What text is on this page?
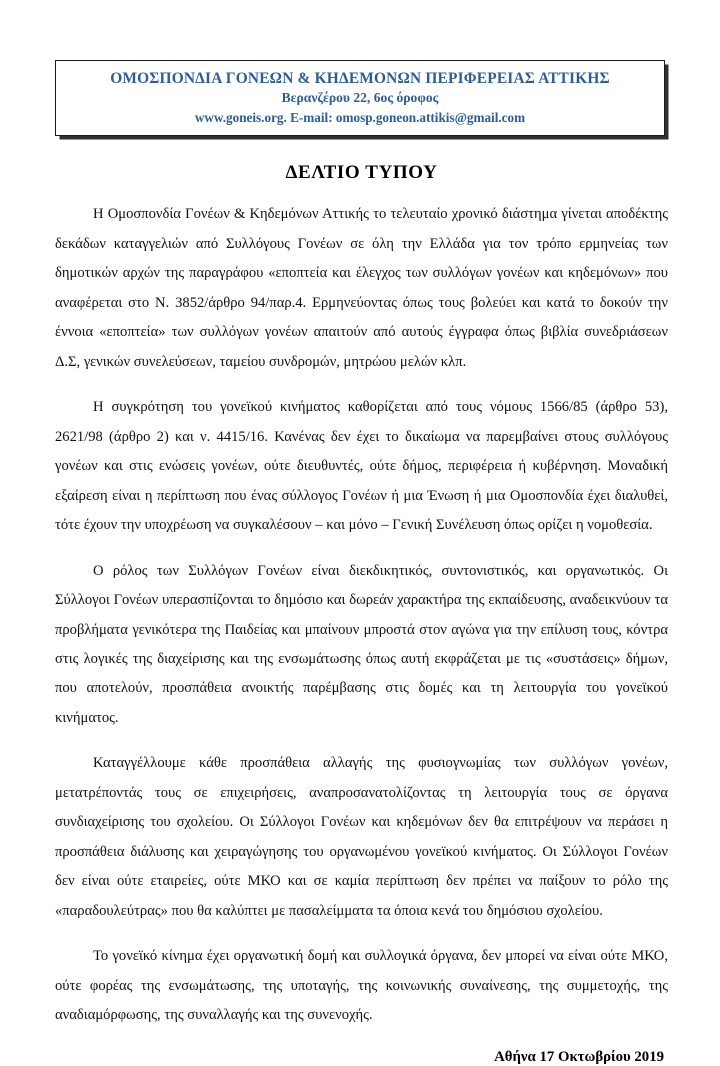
ΟΜΟΣΠΟΝΔΙΑ ΓΟΝΕΩΝ & ΚΗΔΕΜΟΝΩΝ ΠΕΡΙΦΕΡΕΙΑΣ ΑΤΤΙΚΗΣ
Βερανζέρου 22, 6ος όροφος
www.goneis.org. E-mail: omosp.goneon.attikis@gmail.com
ΔΕΛΤΙΟ ΤΥΠΟΥ

Η Ομοσπονδία Γονέων & Κηδεμόνων Αττικής το τελευταίο χρονικό διάστημα γίνεται αποδέκτης δεκάδων καταγγελιών από Συλλόγους Γονέων σε όλη την Ελλάδα για τον τρόπο ερμηνείας των δημοτικών αρχών της παραγράφου «εποπτεία και έλεγχος των συλλόγων γονέων και κηδεμόνων» που αναφέρεται στο Ν. 3852/άρθρο 94/παρ.4. Ερμηνεύοντας όπως τους βολεύει και κατά το δοκούν την έννοια «εποπτεία» των συλλόγων γονέων απαιτούν από αυτούς έγγραφα όπως βιβλία συνεδριάσεων Δ.Σ, γενικών συνελεύσεων, ταμείου συνδρομών, μητρώου μελών κλπ.

Η συγκρότηση του γονεϊκού κινήματος καθορίζεται από τους νόμους 1566/85 (άρθρο 53), 2621/98 (άρθρο 2) και ν. 4415/16. Κανένας δεν έχει το δικαίωμα να παρεμβαίνει στους συλλόγους γονέων και στις ενώσεις γονέων, ούτε διευθυντές, ούτε δήμος, περιφέρεια ή κυβέρνηση. Μοναδική εξαίρεση είναι η περίπτωση που ένας σύλλογος Γονέων ή μια Ένωση ή μια Ομοσπονδία έχει διαλυθεί, τότε έχουν την υποχρέωση να συγκαλέσουν – και μόνο – Γενική Συνέλευση όπως ορίζει η νομοθεσία.

Ο ρόλος των Συλλόγων Γονέων είναι διεκδικητικός, συντονιστικός, και οργανωτικός. Οι Σύλλογοι Γονέων υπερασπίζονται το δημόσιο και δωρεάν χαρακτήρα της εκπαίδευσης, αναδεικνύουν τα προβλήματα γενικότερα της Παιδείας και μπαίνουν μπροστά στον αγώνα για την επίλυση τους, κόντρα στις λογικές της διαχείρισης και της ενσωμάτωσης όπως αυτή εκφράζεται με τις «συστάσεις» δήμων, που αποτελούν, προσπάθεια ανοικτής παρέμβασης στις δομές και τη λειτουργία του γονεϊκού κινήματος.

Καταγγέλλουμε κάθε προσπάθεια αλλαγής της φυσιογνωμίας των συλλόγων γονέων, μετατρέποντάς τους σε επιχειρήσεις, αναπροσανατολίζοντας τη λειτουργία τους σε όργανα συνδιαχείρισης του σχολείου. Οι Σύλλογοι Γονέων και κηδεμόνων δεν θα επιτρέψουν να περάσει η προσπάθεια διάλυσης και χειραγώγησης του οργανωμένου γονεϊκού κινήματος. Οι Σύλλογοι Γονέων δεν είναι ούτε εταιρείες, ούτε ΜΚΟ και σε καμία περίπτωση δεν πρέπει να παίξουν το ρόλο της «παραδουλεύτρας» που θα καλύπτει με πασαλείμματα τα όποια κενά του δημόσιου σχολείου.

Το γονεϊκό κίνημα έχει οργανωτική δομή και συλλογικά όργανα, δεν μπορεί να είναι ούτε ΜΚΟ, ούτε φορέας της ενσωμάτωσης, της υποταγής, της κοινωνικής συναίνεσης, της συμμετοχής, της αναδιαμόρφωσης, της συναλλαγής και της συνενοχής.

Αθήνα 17 Οκτωβρίου 2019
